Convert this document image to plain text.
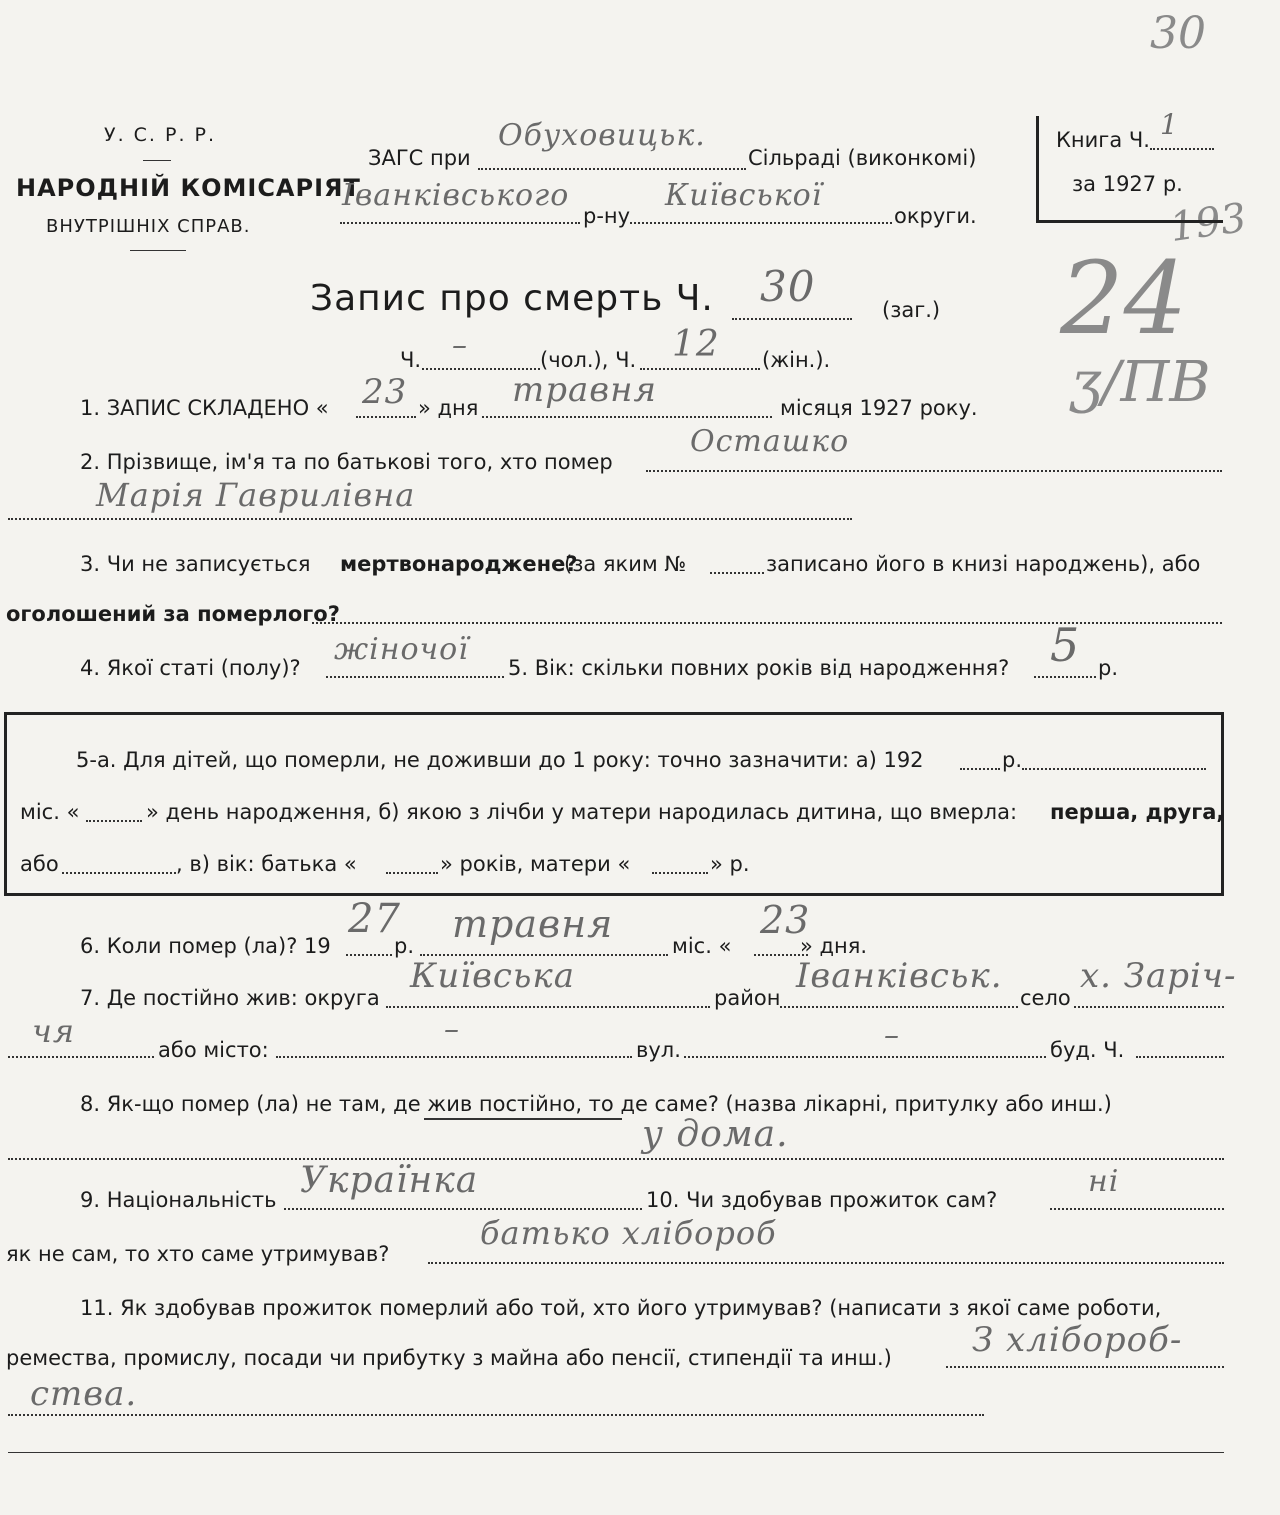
30
193
24
ӡ/ПВ
У. С. Р. Р.
НАРОДНІЙ КОМІСАРІЯТ
ВНУТРІШНІХ СПРАВ.
ЗАГС при
Обуховицьк.
Сільраді (виконкомі)
Іванківського
р-ну
Київської
округи.
Книга Ч. 1
за 1927 р.
Запис про смерть Ч. 30	(заг.)
Ч. –	(чол.), Ч. 12 (жін.).
1. ЗАПИС СКЛАДЕНО « 23 » дня травня	місяця 1927 року.
2. Прізвище, ім'я та по батькові того, хто помер
Осташко
Марія Гаврилівна
3. Чи не записується мертвонароджене?
(за яким №	записано його в книзі народжень), або
оголошений за померлого?
4. Якої статі (полу)?
жіночої
5. Вік: скільки повних років від народження? 5 р.
5-а. Для дітей, що померли, не доживши до 1 року: точно зазначити: а) 192	р.
міс. «	» день народження, б) якою з лічби у матери народилась дитина, що вмерла: перша, друга,
або	, в) вік: батька «	» років, матери «	» р.
6. Коли помер (ла)? 19
27
р. травня	міс. «
23
» дня.
7. Де постійно жив: округа
Київська
район
Іванківськ.
село
х. Заріч-
чя	або місто:
–
вул.	–	буд. Ч.
8. Як-що помер (ла) не там, де жив постійно, то де саме? (назва лікарні, притулку або инш.)
у дома.
9. Національність Українка	10. Чи здобував прожиток сам?
ні
як не сам, то хто саме утримував?
батько хлібороб
11. Як здобував прожиток померлий або той, хто його утримував? (написати з якої саме роботи,
ремества, промислу, посади чи прибутку з майна або пенсії, стипендії та инш.) З хлібороб-
ства.
